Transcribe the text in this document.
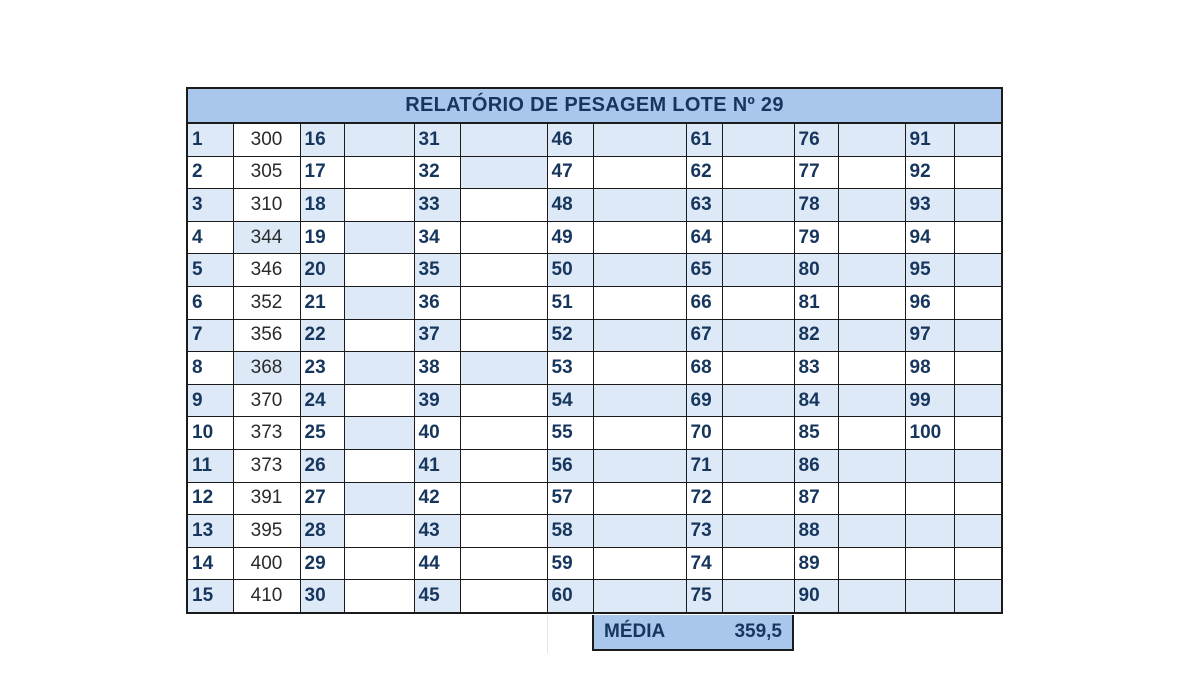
RELATÓRIO DE PESAGEM LOTE Nº 29
1	300	16		31		46		61		76		91	
2	305	17		32		47		62		77		92	
3	310	18		33		48		63		78		93	
4	344	19		34		49		64		79		94	
5	346	20		35		50		65		80		95	
6	352	21		36		51		66		81		96	
7	356	22		37		52		67		82		97	
8	368	23		38		53		68		83		98	
9	370	24		39		54		69		84		99	
10	373	25		40		55		70		85		100	
11	373	26		41		56		71		86			
12	391	27		42		57		72		87			
13	395	28		43		58		73		88			
14	400	29		44		59		74		89			
15	410	30		45		60		75		90			
MÉDIA	359,5
